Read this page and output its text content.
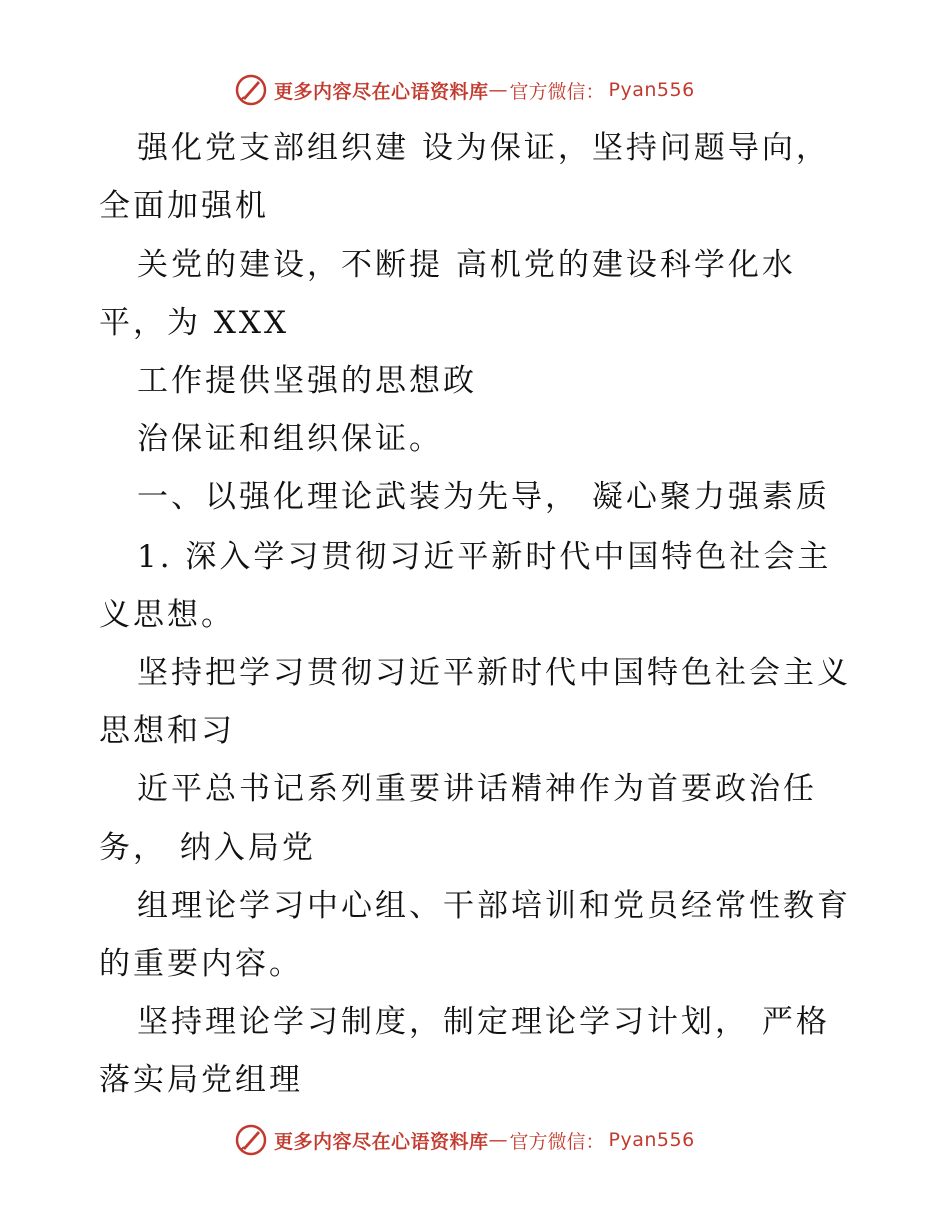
更多内容尽在心语资料库 — 官方微信： Pyan556
强化党支部组织建 设为保证，坚持问题导向，
全面加强机
关党的建设，不断提 高机党的建设科学化水
平，为 XXX
工作提供坚强的思想政
治保证和组织保证。
一、以强化理论武装为先导， 凝心聚力强素质
1. 深入学习贯彻习近平新时代中国特色社会主
义思想。
坚持把学习贯彻习近平新时代中国特色社会主义
思想和习
近平总书记系列重要讲话精神作为首要政治任
务， 纳入局党
组理论学习中心组、干部培训和党员经常性教育
的重要内容。
坚持理论学习制度，制定理论学习计划， 严格
落实局党组理
更多内容尽在心语资料库 — 官方微信： Pyan556
